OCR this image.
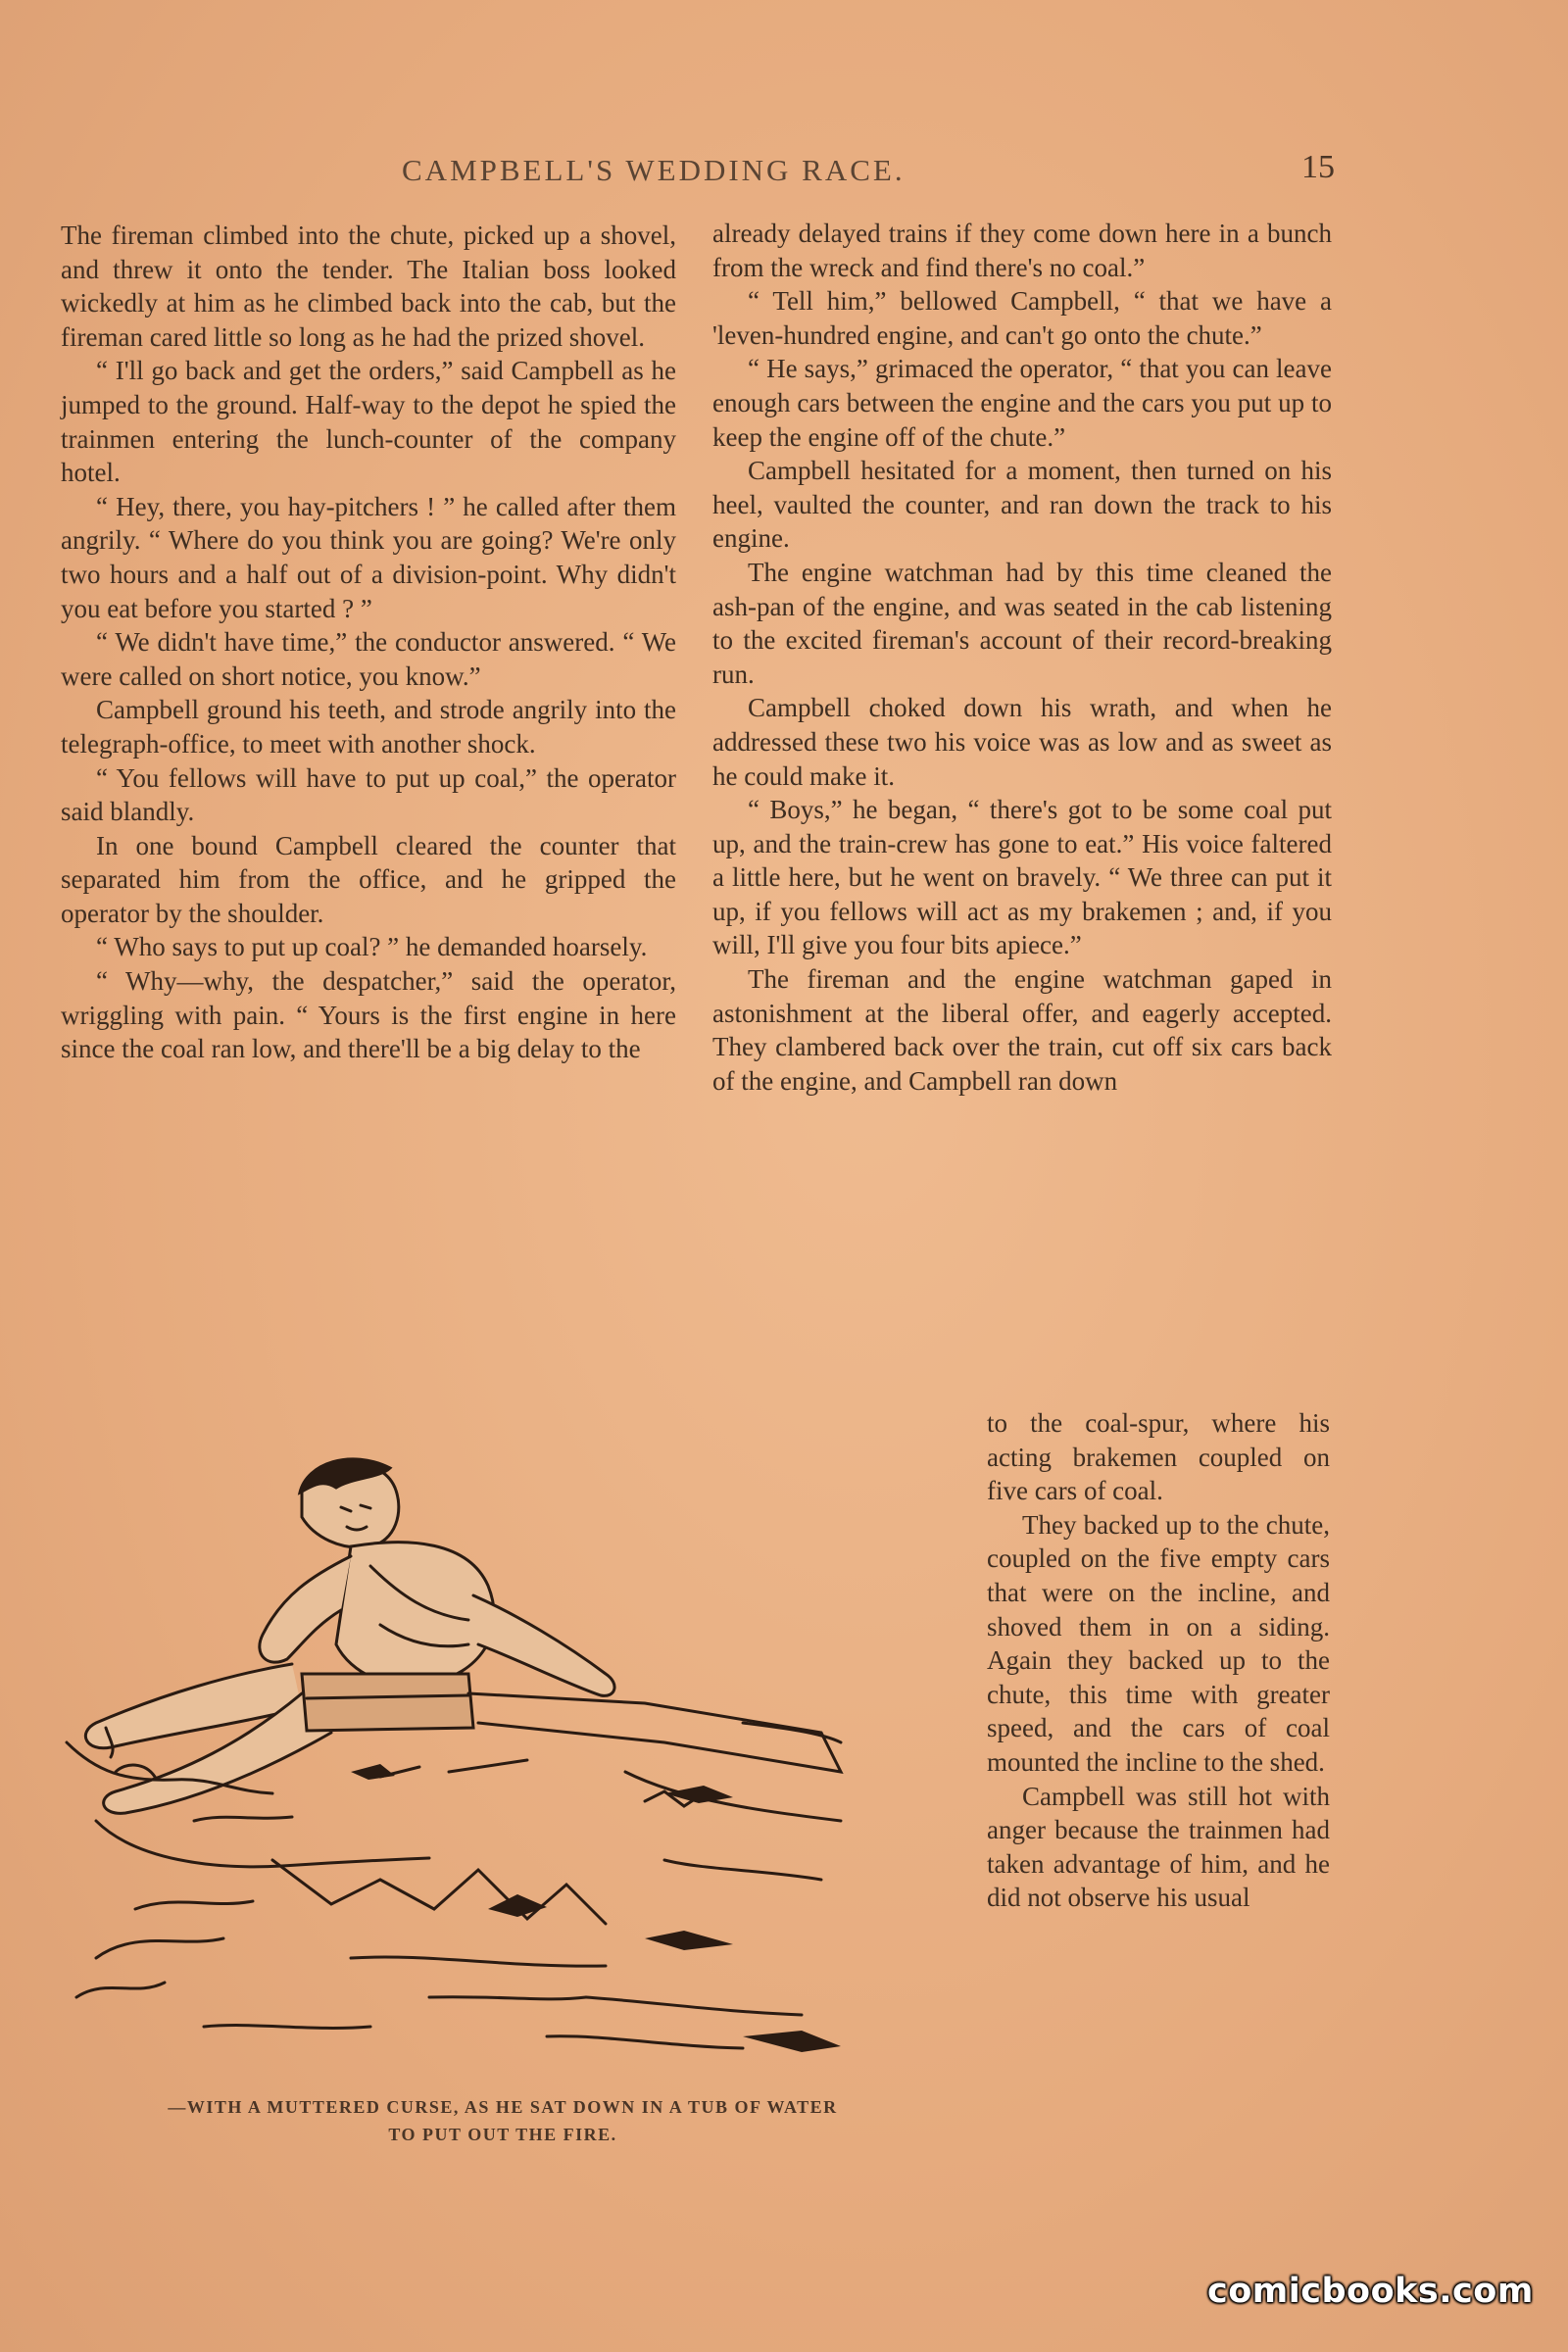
CAMPBELL'S WEDDING RACE.	15

The fireman climbed into the chute, picked up a shovel, and threw it onto the tender. The Italian boss looked wickedly at him as he climbed back into the cab, but the fireman cared little so long as he had the prized shovel.

“ I'll go back and get the orders,” said Campbell as he jumped to the ground. Half-way to the depot he spied the trainmen entering the lunch-counter of the company hotel.

“ Hey, there, you hay-pitchers ! ” he called after them angrily. “ Where do you think you are going? We're only two hours and a half out of a division-point. Why didn't you eat before you started ? ”

“ We didn't have time,” the conductor answered. “ We were called on short notice, you know.”

Campbell ground his teeth, and strode angrily into the telegraph-office, to meet with another shock.

“ You fellows will have to put up coal,” the operator said blandly.

In one bound Campbell cleared the counter that separated him from the office, and he gripped the operator by the shoulder.

“ Who says to put up coal? ” he demanded hoarsely.

“ Why—why, the despatcher,” said the operator, wriggling with pain. “ Yours is the first engine in here since the coal ran low, and there'll be a big delay to the

already delayed trains if they come down here in a bunch from the wreck and find there's no coal.”

“ Tell him,” bellowed Campbell, “ that we have a 'leven-hundred engine, and can't go onto the chute.”

“ He says,” grimaced the operator, “ that you can leave enough cars between the engine and the cars you put up to keep the engine off of the chute.”

Campbell hesitated for a moment, then turned on his heel, vaulted the counter, and ran down the track to his engine.

The engine watchman had by this time cleaned the ash-pan of the engine, and was seated in the cab listening to the excited fireman's account of their record-breaking run.

Campbell choked down his wrath, and when he addressed these two his voice was as low and as sweet as he could make it.

“ Boys,” he began, “ there's got to be some coal put up, and the train-crew has gone to eat.” His voice faltered a little here, but he went on bravely. “ We three can put it up, if you fellows will act as my brakemen ; and, if you will, I'll give you four bits apiece.”

The fireman and the engine watchman gaped in astonishment at the liberal offer, and eagerly accepted. They clambered back over the train, cut off six cars back of the engine, and Campbell ran down

to the coal-spur, where his acting brakemen coupled on five cars of coal.

They backed up to the chute, coupled on the five empty cars that were on the incline, and shoved them in on a siding. Again they backed up to the chute, this time with greater speed, and the cars of coal mounted the incline to the shed.

Campbell was still hot with anger because the trainmen had taken advantage of him, and he did not observe his usual

—WITH A MUTTERED CURSE, AS HE SAT DOWN IN A TUB OF WATER
TO PUT OUT THE FIRE.
comicbooks.com
